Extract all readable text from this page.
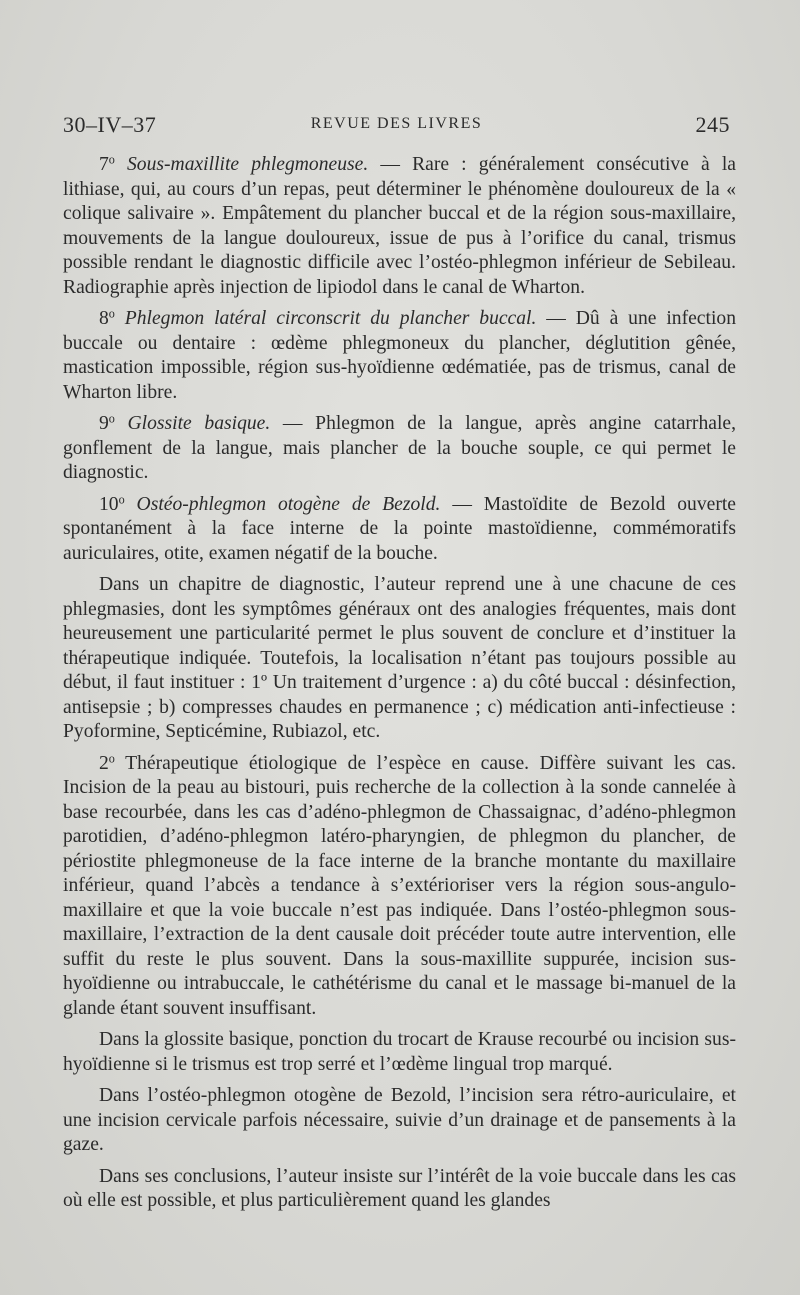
30–IV–37	REVUE DES LIVRES	245

7$^o$ Sous-maxillite phlegmoneuse. — Rare : généralement consécutive à la lithiase, qui, au cours d’un repas, peut déterminer le phénomène douloureux de la « colique salivaire ». Empâtement du plancher buccal et de la région sous-maxillaire, mouvements de la langue douloureux, issue de pus à l’orifice du canal, trismus possible rendant le diagnostic difficile avec l’ostéo-phlegmon inférieur de Sebileau. Radiographie après injection de lipiodol dans le canal de Wharton.

8$^o$ Phlegmon latéral circonscrit du plancher buccal. — Dû à une infection buccale ou dentaire : œdème phlegmoneux du plancher, déglutition gênée, mastication impossible, région sus-hyoïdienne œdématiée, pas de trismus, canal de Wharton libre.

9$^o$ Glossite basique. — Phlegmon de la langue, après angine catarrhale, gonflement de la langue, mais plancher de la bouche souple, ce qui permet le diagnostic.

10$^o$ Ostéo-phlegmon otogène de Bezold. — Mastoïdite de Bezold ouverte spontanément à la face interne de la pointe mastoïdienne, commémoratifs auriculaires, otite, examen négatif de la bouche.

Dans un chapitre de diagnostic, l’auteur reprend une à une chacune de ces phlegmasies, dont les symptômes généraux ont des analogies fréquentes, mais dont heureusement une particularité permet le plus souvent de conclure et d’instituer la thérapeutique indiquée. Toutefois, la localisation n’étant pas toujours possible au début, il faut instituer : 1º Un traitement d’urgence : a) du côté buccal : désinfection, antisepsie ; b) compresses chaudes en permanence ; c) médication anti-infectieuse : Pyoformine, Septicémine, Rubiazol, etc.

2$^o$ Thérapeutique étiologique de l’espèce en cause. Diffère suivant les cas. Incision de la peau au bistouri, puis recherche de la collection à la sonde cannelée à base recourbée, dans les cas d’adéno-phlegmon de Chassaignac, d’adéno-phlegmon parotidien, d’adéno-phlegmon latéro-pharyngien, de phlegmon du plancher, de périostite phlegmoneuse de la face interne de la branche montante du maxillaire inférieur, quand l’abcès a tendance à s’extérioriser vers la région sous-angulo-maxillaire et que la voie buccale n’est pas indiquée. Dans l’ostéo-phlegmon sous-maxillaire, l’extraction de la dent causale doit précéder toute autre intervention, elle suffit du reste le plus souvent. Dans la sous-maxillite suppurée, incision sus-hyoïdienne ou intrabuccale, le cathétérisme du canal et le massage bi-manuel de la glande étant souvent insuffisant.

Dans la glossite basique, ponction du trocart de Krause recourbé ou incision sus-hyoïdienne si le trismus est trop serré et l’œdème lingual trop marqué.

Dans l’ostéo-phlegmon otogène de Bezold, l’incision sera rétro-auriculaire, et une incision cervicale parfois nécessaire, suivie d’un drainage et de pansements à la gaze.

Dans ses conclusions, l’auteur insiste sur l’intérêt de la voie buccale dans les cas où elle est possible, et plus particulièrement quand les glandes
